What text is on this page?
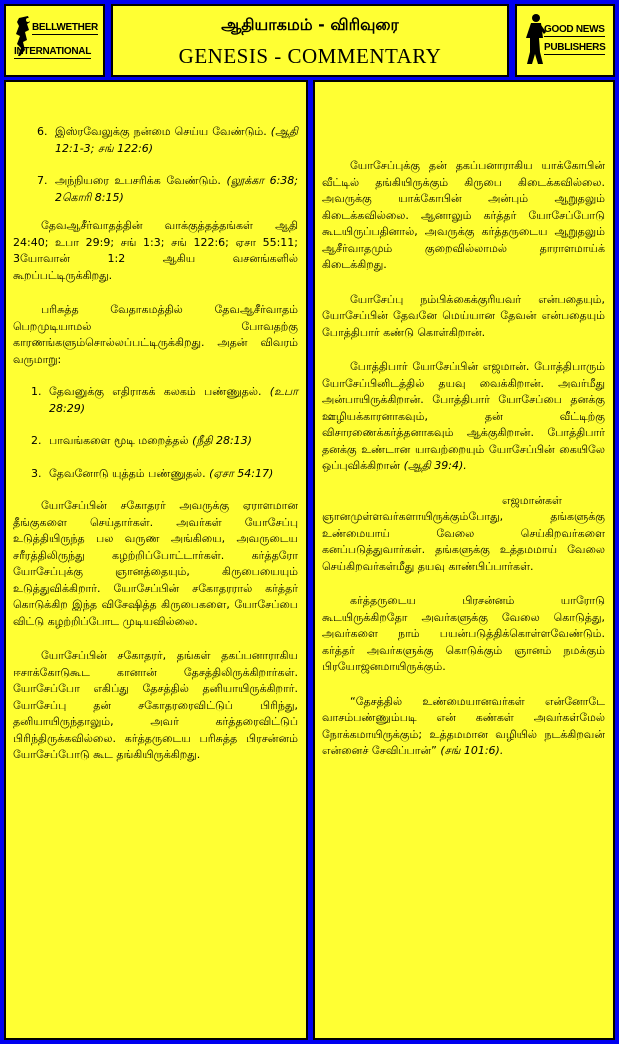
BELLWETHER
INTERNATIONAL
ஆதியாகமம் - விரிவுரை
GENESIS - COMMENTARY
GOOD NEWS
PUBLISHERS
6. இஸ்ரவேலுக்கு நன்மை செய்ய வேண்டும். (ஆதி 12:1-3; சங் 122:6)
7. அந்நியரை உபசரிக்க வேண்டும். (லூக்கா 6:38; 2கொரி 8:15)

தேவஆசீர்வாதத்தின் வாக்குத்தத்தங்கள் ஆதி 24:40; உபா 29:9; சங் 1:3; சங் 122:6; ஏசா 55:11; 3யோவான் 1:2 ஆகிய வசனங்களில் கூறப்பட்டிருக்கிறது.

பரிசுத்த வேதாகமத்தில் தேவஆசீர்வாதம் பெறமுடியாமல் போவதற்கு காரணங்களும்சொல்லப்பட்டிருக்கிறது. அதன் விவரம் வருமாறு:

1. தேவனுக்கு எதிராகக் கலகம் பண்ணுதல். (உபா 28:29)
2. பாவங்களை மூடி மறைத்தல் (நீதி 28:13)
3. தேவனோடு யுத்தம் பண்ணுதல். (ஏசா 54:17)

யோசேப்பின் சகோதரர் அவருக்கு ஏராளமான தீங்குகளை செய்தார்கள். அவர்கள் யோசேப்பு உடுத்தியிருந்த பல வருண அங்கியை, அவருடைய சரீரத்திலிருந்து கழற்றிப்போட்டார்கள். கர்த்தரோ யோசேப்புக்கு ஞானத்தையும், கிருபையையும் உடுத்துவிக்கிறார். யோசேப்பின் சகோதரரால் கர்த்தர் கொடுக்கிற இந்த விசேஷித்த கிருபைகளை, யோசேப்பை விட்டு கழற்றிப்போட முடியவில்லை.

யோசேப்பின் சகோதரர், தங்கள் தகப்பனாராகிய ஈசாக்கோடுகூட கானான் தேசத்திலிருக்கிறார்கள். யோசேப்போ எகிப்து தேசத்தில் தனியாயிருக்கிறார். யோசேப்பு தன் சகோதரரைவிட்டுப் பிரிந்து, தனியாயிருந்தாலும், அவர் கர்த்தரைவிட்டுப் பிரிந்திருக்கவில்லை. கர்த்தருடைய பரிசுத்த பிரசன்னம் யோசேப்போடு கூட தங்கியிருக்கிறது.

யோசேப்புக்கு தன் தகப்பனாராகிய யாக்கோபின் வீட்டில் தங்கியிருக்கும் கிருபை கிடைக்கவில்லை. அவருக்கு யாக்கோபின் அன்பும் ஆறுதலும் கிடைக்கவில்லை. ஆனாலும் கர்த்தர் யோசேப்போடு கூடயிருப்பதினால், அவருக்கு கர்த்தருடைய ஆறுதலும் ஆசீர்வாதமும் குறைவில்லாமல் தாராளமாய்க் கிடைக்கிறது.

யோசேப்பு நம்பிக்கைக்குரியவர் என்பதையும், யோசேப்பின் தேவனே மெய்யான தேவன் என்பதையும் போத்திபார் கண்டு கொள்கிறான்.

போத்திபார் யோசேப்பின் எஜமான். போத்திபாரும் யோசேப்பினிடத்தில் தயவு வைக்கிறான். அவர்மீது அன்பாயிருக்கிறான். போத்திபார் யோசேப்பை தனக்கு ஊழியக்காரனாகவும், தன் வீட்டிற்கு விசாரணைக்கர்த்தனாகவும் ஆக்குகிறான். போத்திபார் தனக்கு உண்டான யாவற்றையும் யோசேப்பின் கையிலே ஒப்புவிக்கிறான் (ஆதி 39:4).

எஜமான்கள் ஞானமுள்ளவர்களாயிருக்கும்போது, தங்களுக்கு உண்மையாய் வேலை செய்கிறவர்களை கனப்படுத்துவார்கள். தங்களுக்கு உத்தமமாய் வேலை செய்கிறவர்கள்மீது தயவு காண்பிப்பார்கள்.

கர்த்தருடைய பிரசன்னம் யாரோடு கூடயிருக்கிறதோ அவர்களுக்கு வேலை கொடுத்து, அவர்களை நாம் பயன்படுத்திக்கொள்ளவேண்டும். கர்த்தர் அவர்களுக்கு கொடுக்கும் ஞானம் நமக்கும் பிரயோஜனமாயிருக்கும்.

“தேசத்தில் உண்மையானவர்கள் என்னோடே வாசம்பண்ணும்படி என் கண்கள் அவர்கள்மேல் நோக்கமாயிருக்கும்; உத்தமமான வழியில் நடக்கிறவன் என்னைச் சேவிப்பான்” (சங் 101:6).
